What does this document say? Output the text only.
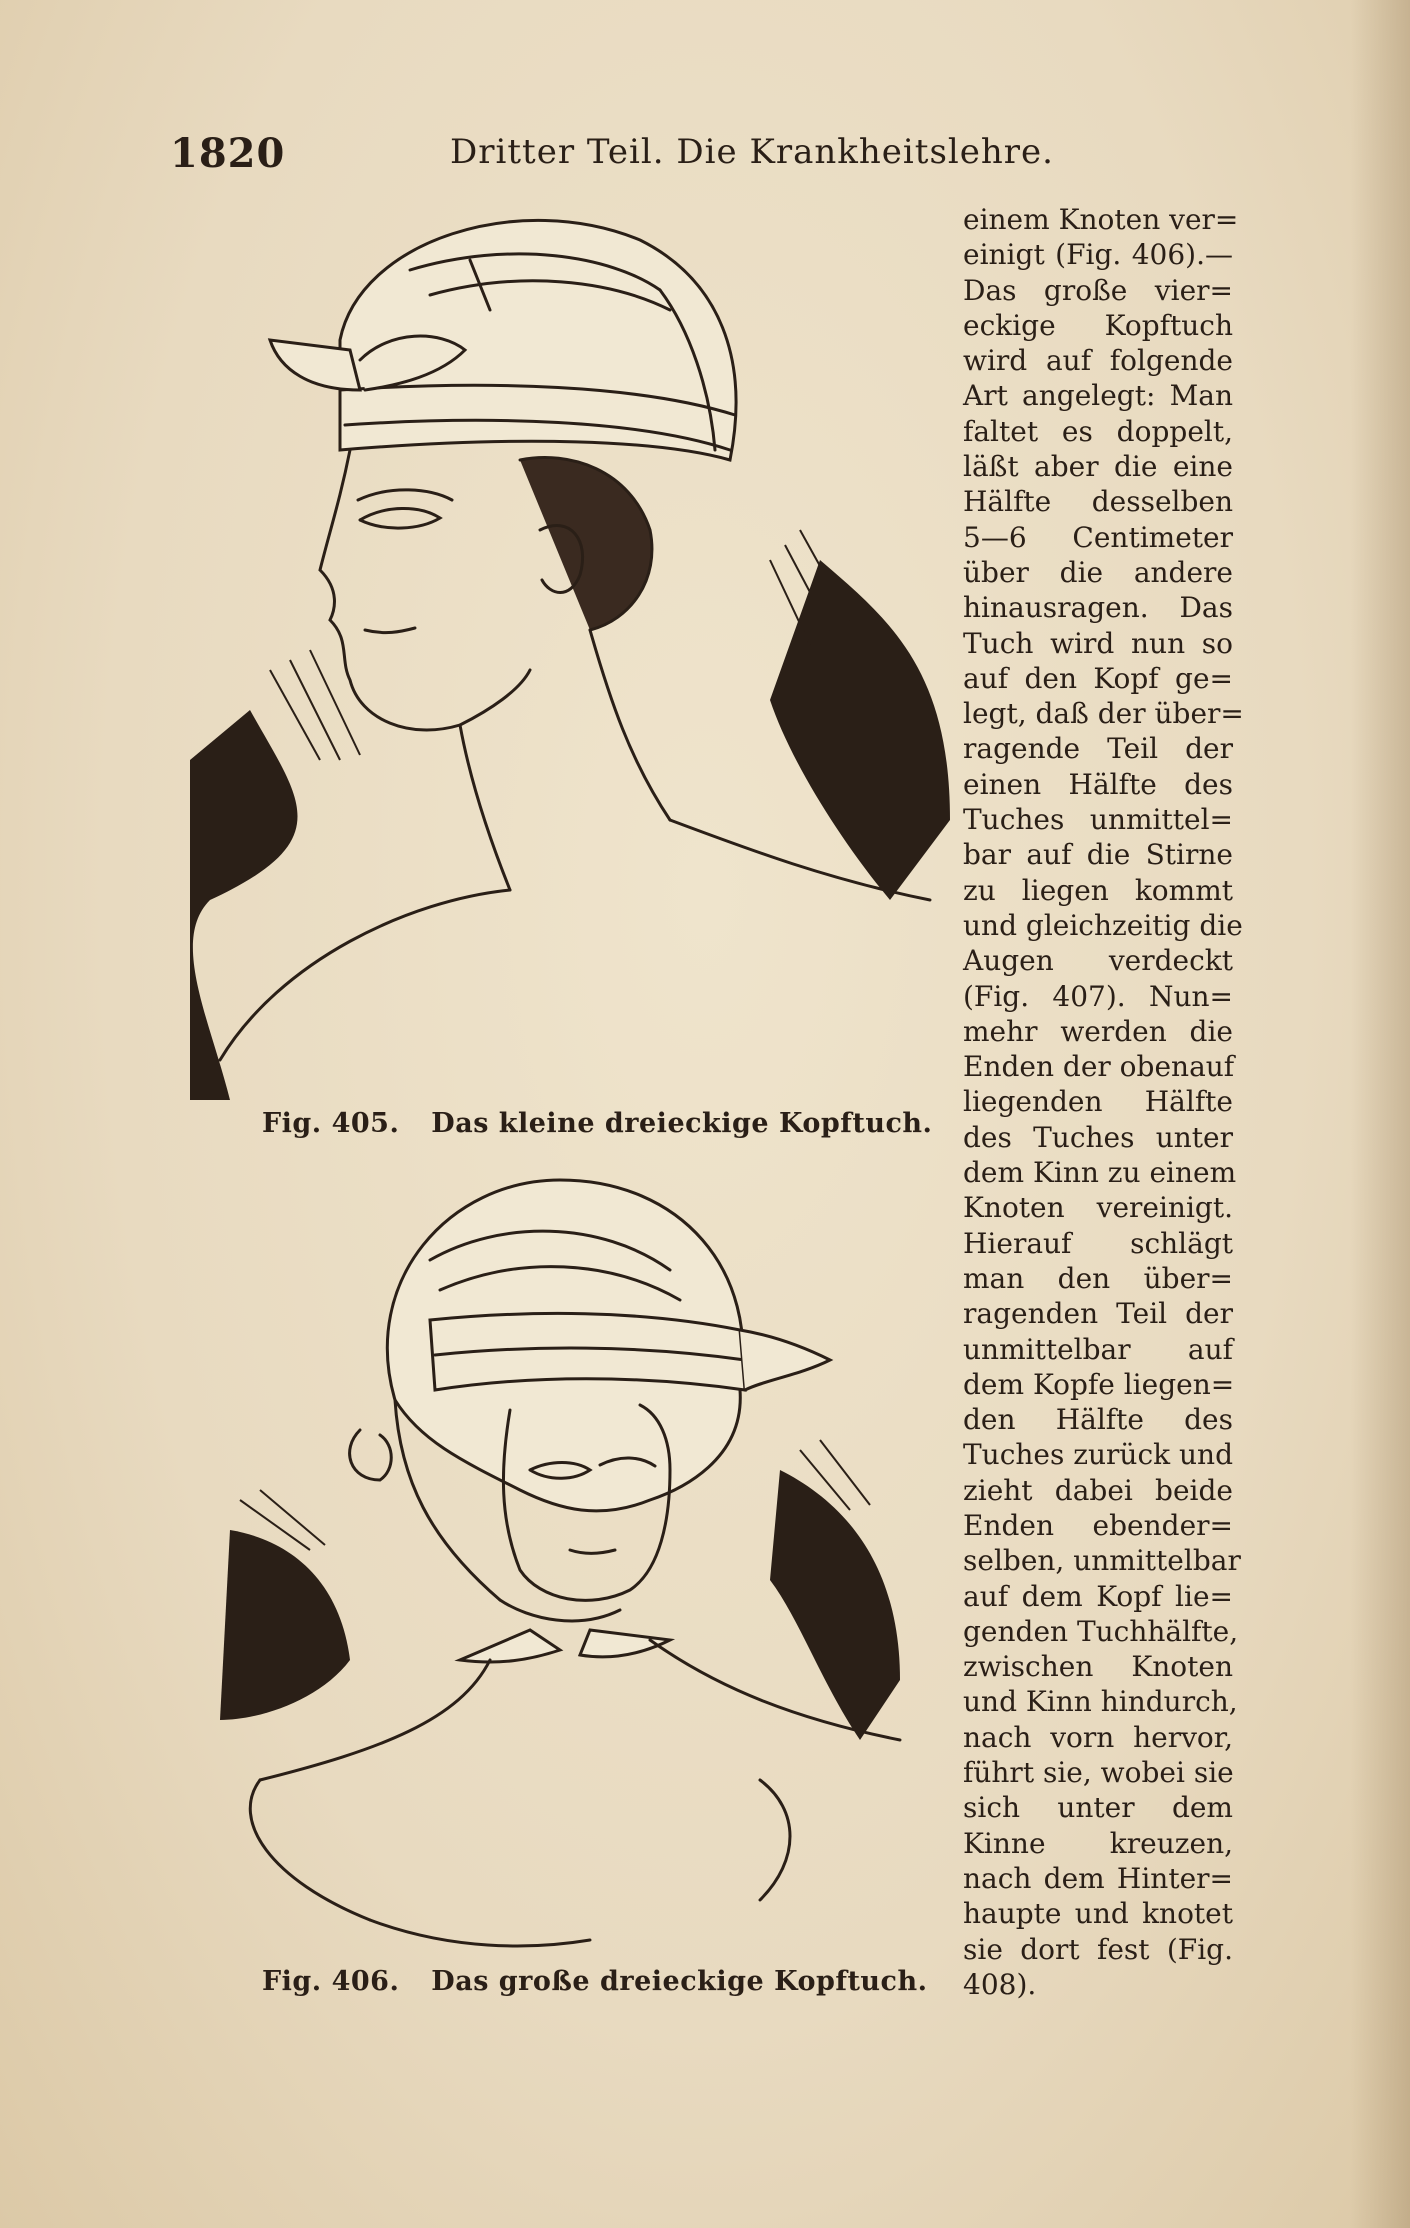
1820	Dritter Teil. Die Krankheitslehre.
Fig. 405. Das kleine dreieckige Kopftuch.
Fig. 406. Das große dreieckige Kopftuch.
einem Knoten ver=
einigt (Fig. 406).—
Das große vier=
eckige Kopftuch
wird auf folgende
Art angelegt: Man
faltet es doppelt,
läßt aber die eine
Hälfte desselben
5—6 Centimeter
über die andere
hinausragen. Das
Tuch wird nun so
auf den Kopf ge=
legt, daß der über=
ragende Teil der
einen Hälfte des
Tuches unmittel=
bar auf die Stirne
zu liegen kommt
und gleichzeitig die
Augen verdeckt
(Fig. 407). Nun=
mehr werden die
Enden der obenauf
liegenden Hälfte
des Tuches unter
dem Kinn zu einem
Knoten vereinigt.
Hierauf schlägt
man den über=
ragenden Teil der
unmittelbar auf
dem Kopfe liegen=
den Hälfte des
Tuches zurück und
zieht dabei beide
Enden ebender=
selben, unmittelbar
auf dem Kopf lie=
genden Tuchhälfte,
zwischen Knoten
und Kinn hindurch,
nach vorn hervor,
führt sie, wobei sie
sich unter dem
Kinne kreuzen,
nach dem Hinter=
haupte und knotet
sie dort fest (Fig.
408).
